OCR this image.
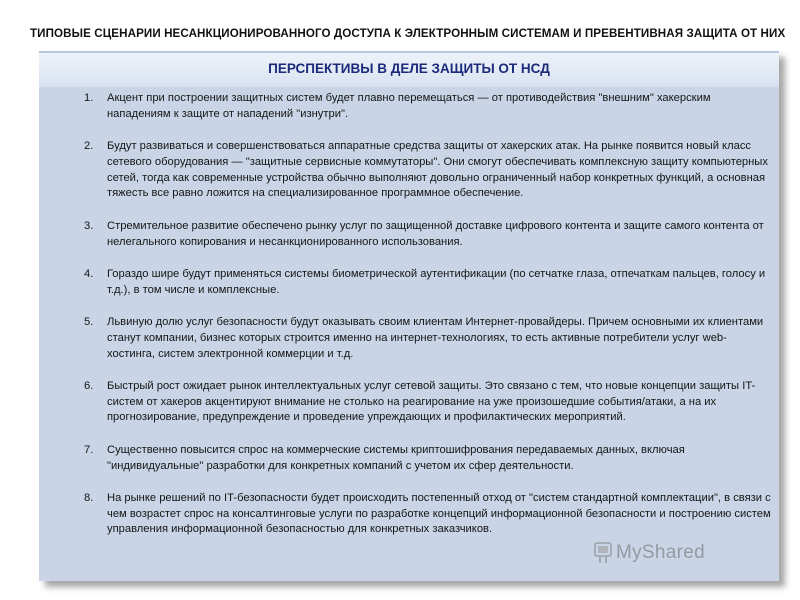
ТИПОВЫЕ СЦЕНАРИИ НЕСАНКЦИОНИРОВАННОГО ДОСТУПА К ЭЛЕКТРОННЫМ СИСТЕМАМ И ПРЕВЕНТИВНАЯ ЗАЩИТА ОТ НИХ
ПЕРСПЕКТИВЫ В ДЕЛЕ ЗАЩИТЫ ОТ НСД
1. Акцент при построении защитных систем будет плавно перемещаться — от противодействия "внешним" хакерским нападениям к защите от нападений "изнутри".
2. Будут развиваться и совершенствоваться аппаратные средства защиты от хакерских атак. На рынке появится новый класс сетевого оборудования — "защитные сервисные коммутаторы". Они смогут обеспечивать комплексную защиту компьютерных сетей, тогда как современные устройства обычно выполняют довольно ограниченный набор конкретных функций, а основная тяжесть все равно ложится на специализированное программное обеспечение.
3. Стремительное развитие обеспечено рынку услуг по защищенной доставке цифрового контента и защите самого контента от нелегального копирования и несанкционированного использования.
4. Гораздо шире будут применяться системы биометрической аутентификации (по сетчатке глаза, отпечаткам пальцев, голосу и т.д.), в том числе и комплексные.
5. Львиную долю услуг безопасности будут оказывать своим клиентам Интернет-провайдеры. Причем основными их клиентами станут компании, бизнес которых строится именно на интернет-технологиях, то есть активные потребители услуг web-хостинга, систем электронной коммерции и т.д.
6. Быстрый рост ожидает рынок интеллектуальных услуг сетевой защиты. Это связано с тем, что новые концепции защиты IT-систем от хакеров акцентируют внимание не столько на реагирование на уже произошедшие события/атаки, а на их прогнозирование, предупреждение и проведение упреждающих и профилактических мероприятий.
7. Существенно повысится спрос на коммерческие системы криптошифрования передаваемых данных, включая "индивидуальные" разработки для конкретных компаний с учетом их сфер деятельности.
8. На рынке решений по IT-безопасности будет происходить постепенный отход от "систем стандартной комплектации", в связи с чем возрастет спрос на консалтинговые услуги по разработке концепций информационной безопасности и построению систем управления информационной безопасностью для конкретных заказчиков.
MyShared
